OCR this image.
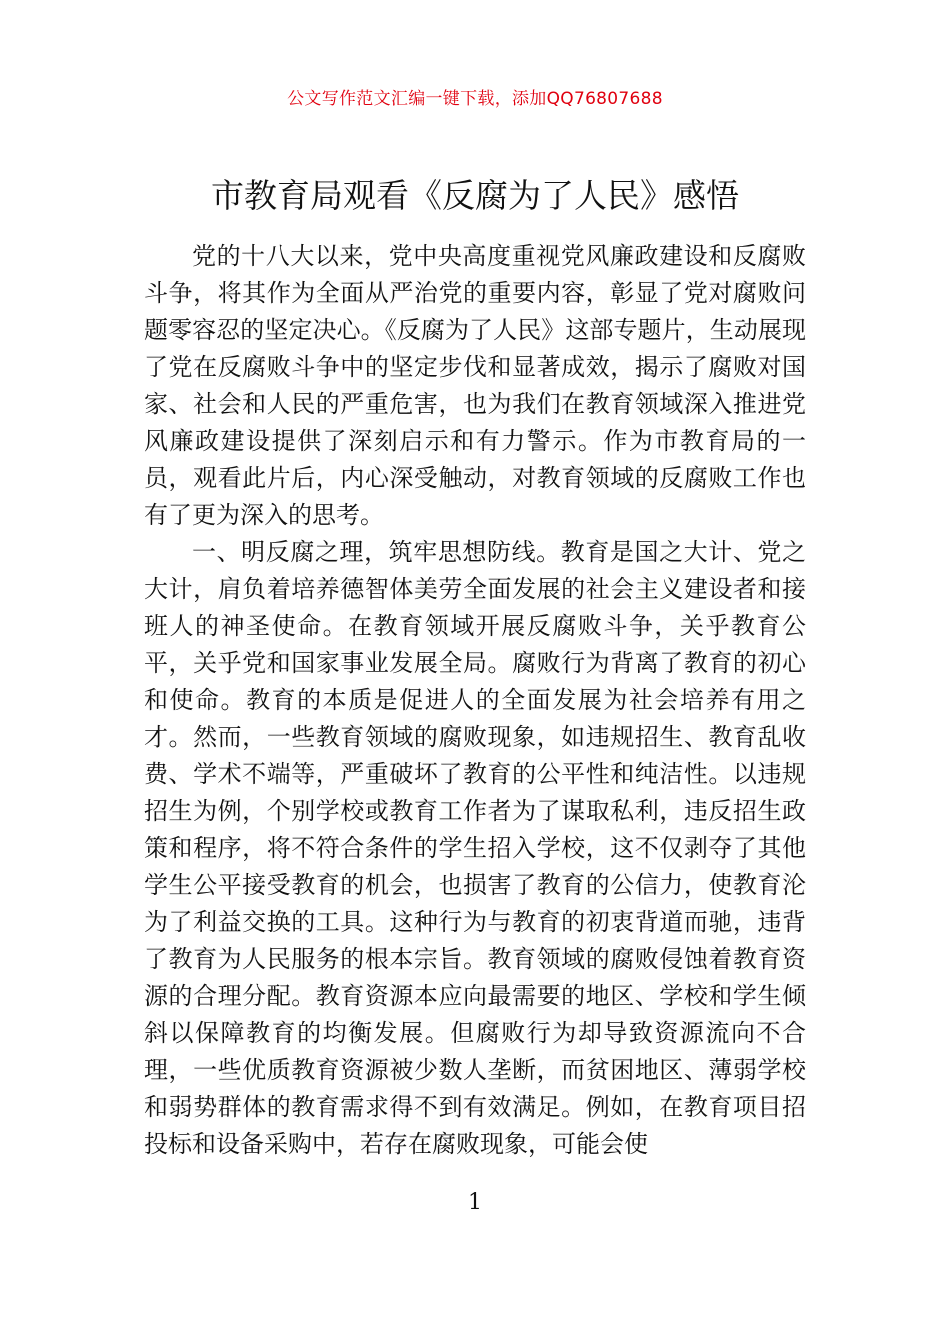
公文写作范文汇编一键下载，添加QQ76807688
市教育局观看《反腐为了人民》感悟

党的十八大以来，党中央高度重视党风廉政建设和反腐败斗争，将其作为全面从严治党的重要内容，彰显了党对腐败问题零容忍的坚定决心。《反腐为了人民》这部专题片，生动展现了党在反腐败斗争中的坚定步伐和显著成效，揭示了腐败对国家、社会和人民的严重危害，也为我们在教育领域深入推进党风廉政建设提供了深刻启示和有力警示。作为市教育局的一员，观看此片后，内心深受触动，对教育领域的反腐败工作也有了更为深入的思考。

一、明反腐之理，筑牢思想防线。教育是国之大计、党之大计，肩负着培养德智体美劳全面发展的社会主义建设者和接班人的神圣使命。在教育领域开展反腐败斗争，关乎教育公平，关乎党和国家事业发展全局。腐败行为背离了教育的初心和使命。教育的本质是促进人的全面发展为社会培养有用之才。然而，一些教育领域的腐败现象，如违规招生、教育乱收费、学术不端等，严重破坏了教育的公平性和纯洁性。以违规招生为例，个别学校或教育工作者为了谋取私利，违反招生政策和程序，将不符合条件的学生招入学校，这不仅剥夺了其他学生公平接受教育的机会，也损害了教育的公信力，使教育沦为了利益交换的工具。这种行为与教育的初衷背道而驰，违背了教育为人民服务的根本宗旨。教育领域的腐败侵蚀着教育资源的合理分配。教育资源本应向最需要的地区、学校和学生倾斜以保障教育的均衡发展。但腐败行为却导致资源流向不合理，一些优质教育资源被少数人垄断，而贫困地区、薄弱学校和弱势群体的教育需求得不到有效满足。例如，在教育项目招投标和设备采购中，若存在腐败现象，可能会使

1
